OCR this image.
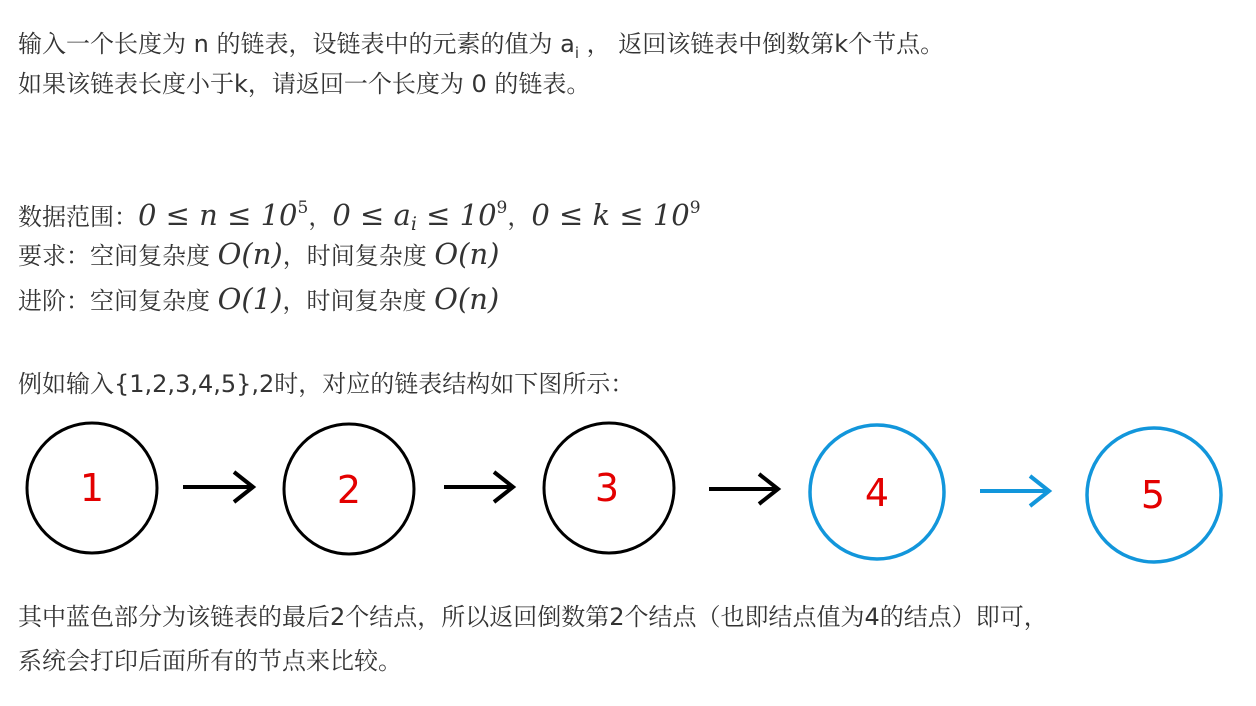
输入一个长度为 n 的链表，设链表中的元素的值为 $a_i$ ， 返回该链表中倒数第k个节点。
如果该链表长度小于k，请返回一个长度为 0 的链表。
数据范围：$0 \le n \le 10^5$，0 ≤ ai ≤ $10^9$，$0 \le k \le 10^9$
要求：空间复杂度 O(n)，时间复杂度 O(n)
进阶：空间复杂度 O(1)，时间复杂度 O(n)
例如输入{1,2,3,4,5},2时，对应的链表结构如下图所示：
1	2	3	4	5
其中蓝色部分为该链表的最后2个结点，所以返回倒数第2个结点（也即结点值为4的结点）即可，
系统会打印后面所有的节点来比较。
